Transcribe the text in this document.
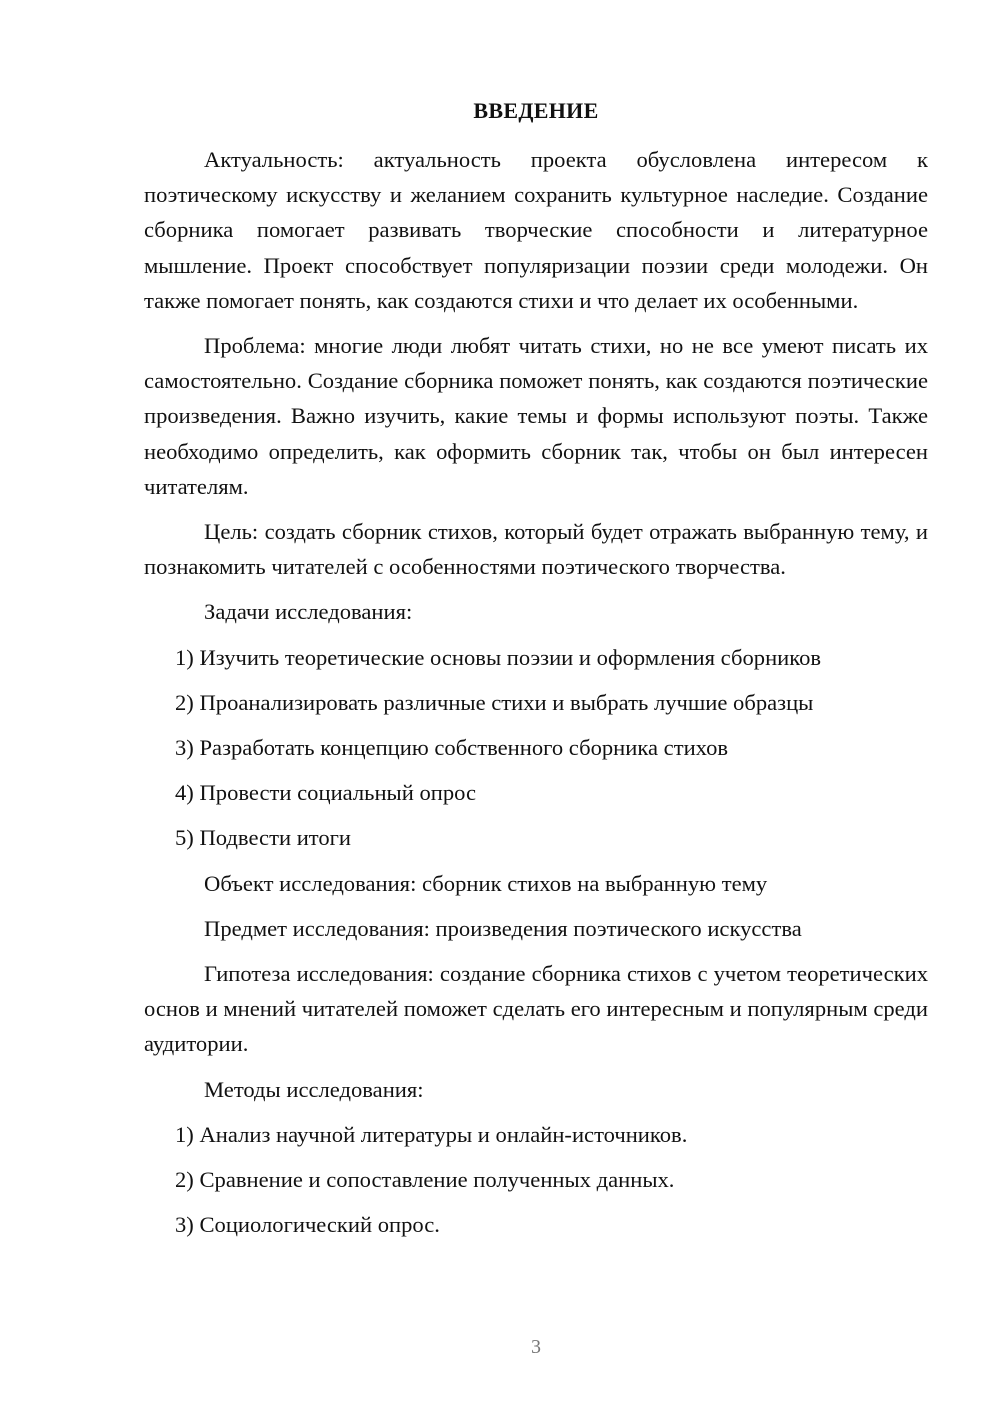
ВВЕДЕНИЕ

Актуальность: актуальность проекта обусловлена интересом к поэтическому искусству и желанием сохранить культурное наследие. Создание сборника помогает развивать творческие способности и литературное мышление. Проект способствует популяризации поэзии среди молодежи. Он также помогает понять, как создаются стихи и что делает их особенными.

Проблема: многие люди любят читать стихи, но не все умеют писать их самостоятельно. Создание сборника поможет понять, как создаются поэтические произведения. Важно изучить, какие темы и формы используют поэты. Также необходимо определить, как оформить сборник так, чтобы он был интересен читателям.

Цель: создать сборник стихов, который будет отражать выбранную тему, и познакомить читателей с особенностями поэтического творчества.

Задачи исследования:

1) Изучить теоретические основы поэзии и оформления сборников

2) Проанализировать различные стихи и выбрать лучшие образцы

3) Разработать концепцию собственного сборника стихов

4) Провести социальный опрос

5) Подвести итоги

Объект исследования: сборник стихов на выбранную тему

Предмет исследования: произведения поэтического искусства

Гипотеза исследования: создание сборника стихов с учетом теоретических основ и мнений читателей поможет сделать его интересным и популярным среди аудитории.

Методы исследования:

1) Анализ научной литературы и онлайн-источников.

2) Сравнение и сопоставление полученных данных.

3) Социологический опрос.

3
